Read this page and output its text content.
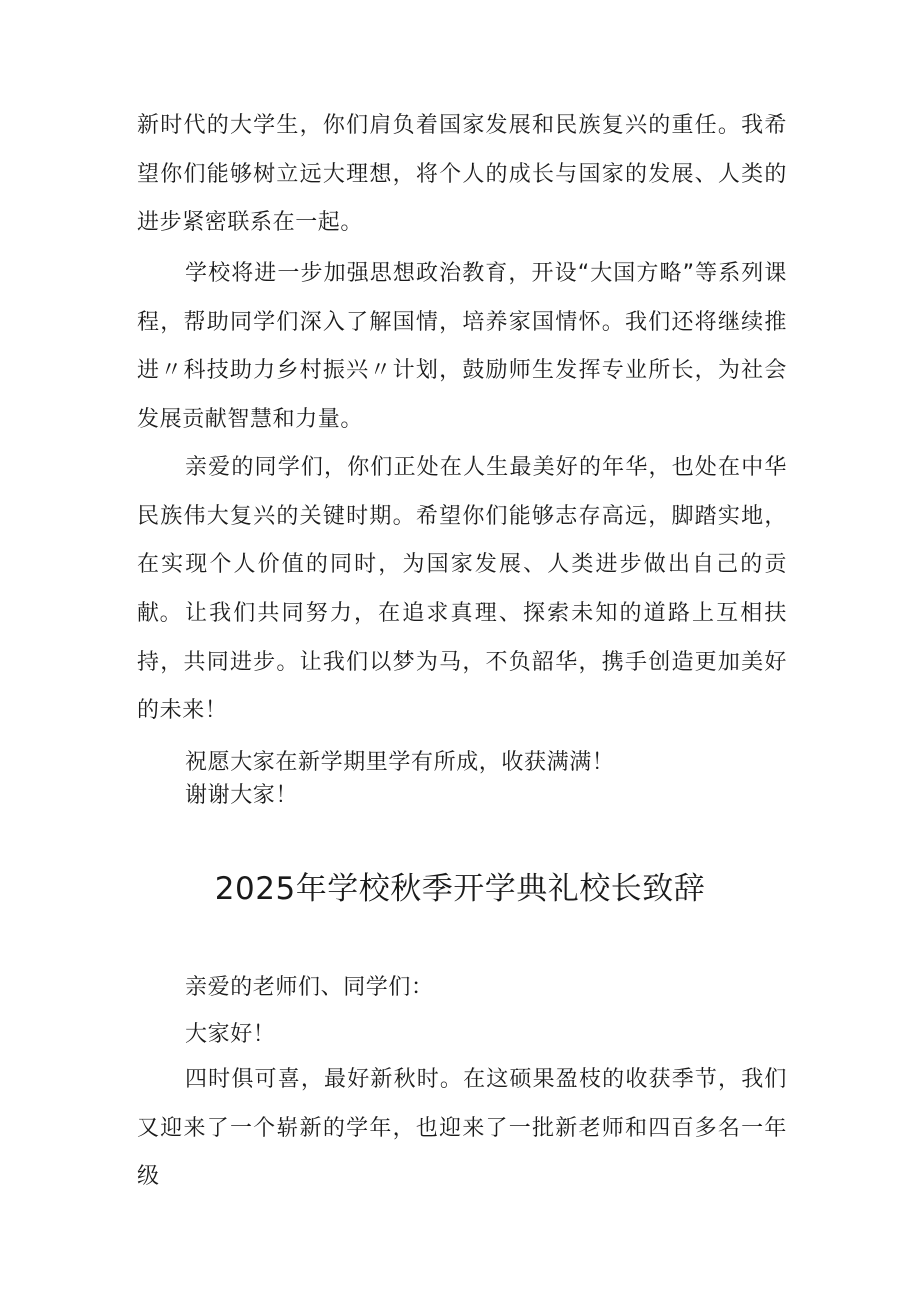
新时代的大学生，你们肩负着国家发展和民族复兴的重任。我希望你们能够树立远大理想，将个人的成长与国家的发展、人类的进步紧密联系在一起。

学校将进一步加强思想政治教育，开设“大国方略”等系列课程，帮助同学们深入了解国情，培养家国情怀。我们还将继续推进〃科技助力乡村振兴〃计划，鼓励师生发挥专业所长，为社会发展贡献智慧和力量。

亲爱的同学们，你们正处在人生最美好的年华，也处在中华民族伟大复兴的关键时期。希望你们能够志存高远，脚踏实地，在实现个人价值的同时，为国家发展、人类进步做出自己的贡献。 让我们共同努力，在追求真理、探索未知的道路上互相扶持，共同进步。让我们以梦为马，不负韶华，携手创造更加美好的未来！

祝愿大家在新学期里学有所成，收获满满！

谢谢大家！

2025年学校秋季开学典礼校长致辞

亲爱的老师们、同学们：

大家好！

四时俱可喜，最好新秋时。在这硕果盈枝的收获季节，我们又迎来了一个崭新的学年，也迎来了一批新老师和四百多名一年级
